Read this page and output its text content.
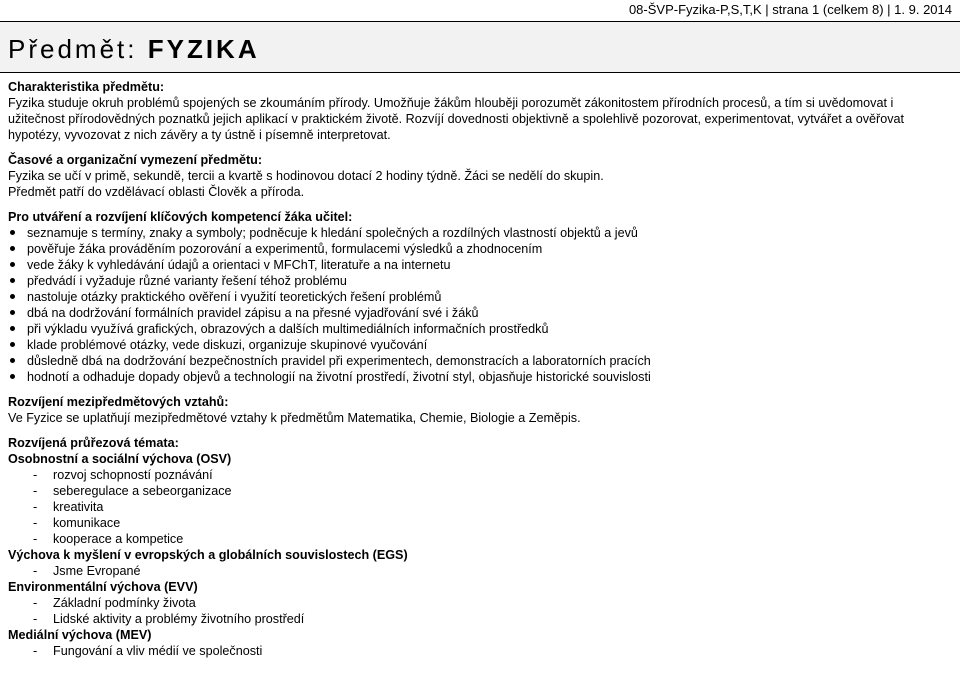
08-ŠVP-Fyzika-P,S,T,K | strana 1 (celkem 8) | 1. 9. 2014
Předmět: FYZIKA
Charakteristika předmětu:

Fyzika studuje okruh problémů spojených se zkoumáním přírody. Umožňuje žákům hlouběji porozumět zákonitostem přírodních procesů, a tím si uvědomovat i užitečnost přírodovědných poznatků jejich aplikací v praktickém životě. Rozvíjí dovednosti objektivně a spolehlivě pozorovat, experimentovat, vytvářet a ověřovat hypotézy, vyvozovat z nich závěry a ty ústně i písemně interpretovat.

Časové a organizační vymezení předmětu:
Fyzika se učí v primě, sekundě, tercii a kvartě s hodinovou dotací 2 hodiny týdně. Žáci se nedělí do skupin.
Předmět patří do vzdělávací oblasti Člověk a příroda.
Pro utváření a rozvíjení klíčových kompetencí žáka učitel:
seznamuje s termíny, znaky a symboly; podněcuje k hledání společných a rozdílných vlastností objektů a jevů
pověřuje žáka prováděním pozorování a experimentů, formulacemi výsledků a zhodnocením
vede žáky k vyhledávání údajů a orientaci v MFChT, literatuře a na internetu
předvádí i vyžaduje různé varianty řešení téhož problému
nastoluje otázky praktického ověření i využití teoretických řešení problémů
dbá na dodržování formálních pravidel zápisu a na přesné vyjadřování své i žáků
při výkladu využívá grafických, obrazových a dalších multimediálních informačních prostředků
klade problémové otázky, vede diskuzi, organizuje skupinové vyučování
důsledně dbá na dodržování bezpečnostních pravidel při experimentech, demonstracích a laboratorních pracích
hodnotí a odhaduje dopady objevů a technologií na životní prostředí, životní styl, objasňuje historické souvislosti
Rozvíjení mezipředmětových vztahů:
Ve Fyzice se uplatňují mezipředmětové vztahy k předmětům Matematika, Chemie, Biologie a Zeměpis.
Rozvíjená průřezová témata:
Osobnostní a sociální výchova (OSV)
- rozvoj schopností poznávání
- seberegulace a sebeorganizace
- kreativita
- komunikace
- kooperace a kompetice
Výchova k myšlení v evropských a globálních souvislostech (EGS)
- Jsme Evropané
Environmentální výchova (EVV)
- Základní podmínky života
- Lidské aktivity a problémy životního prostředí
Mediální výchova (MEV)
- Fungování a vliv médií ve společnosti
